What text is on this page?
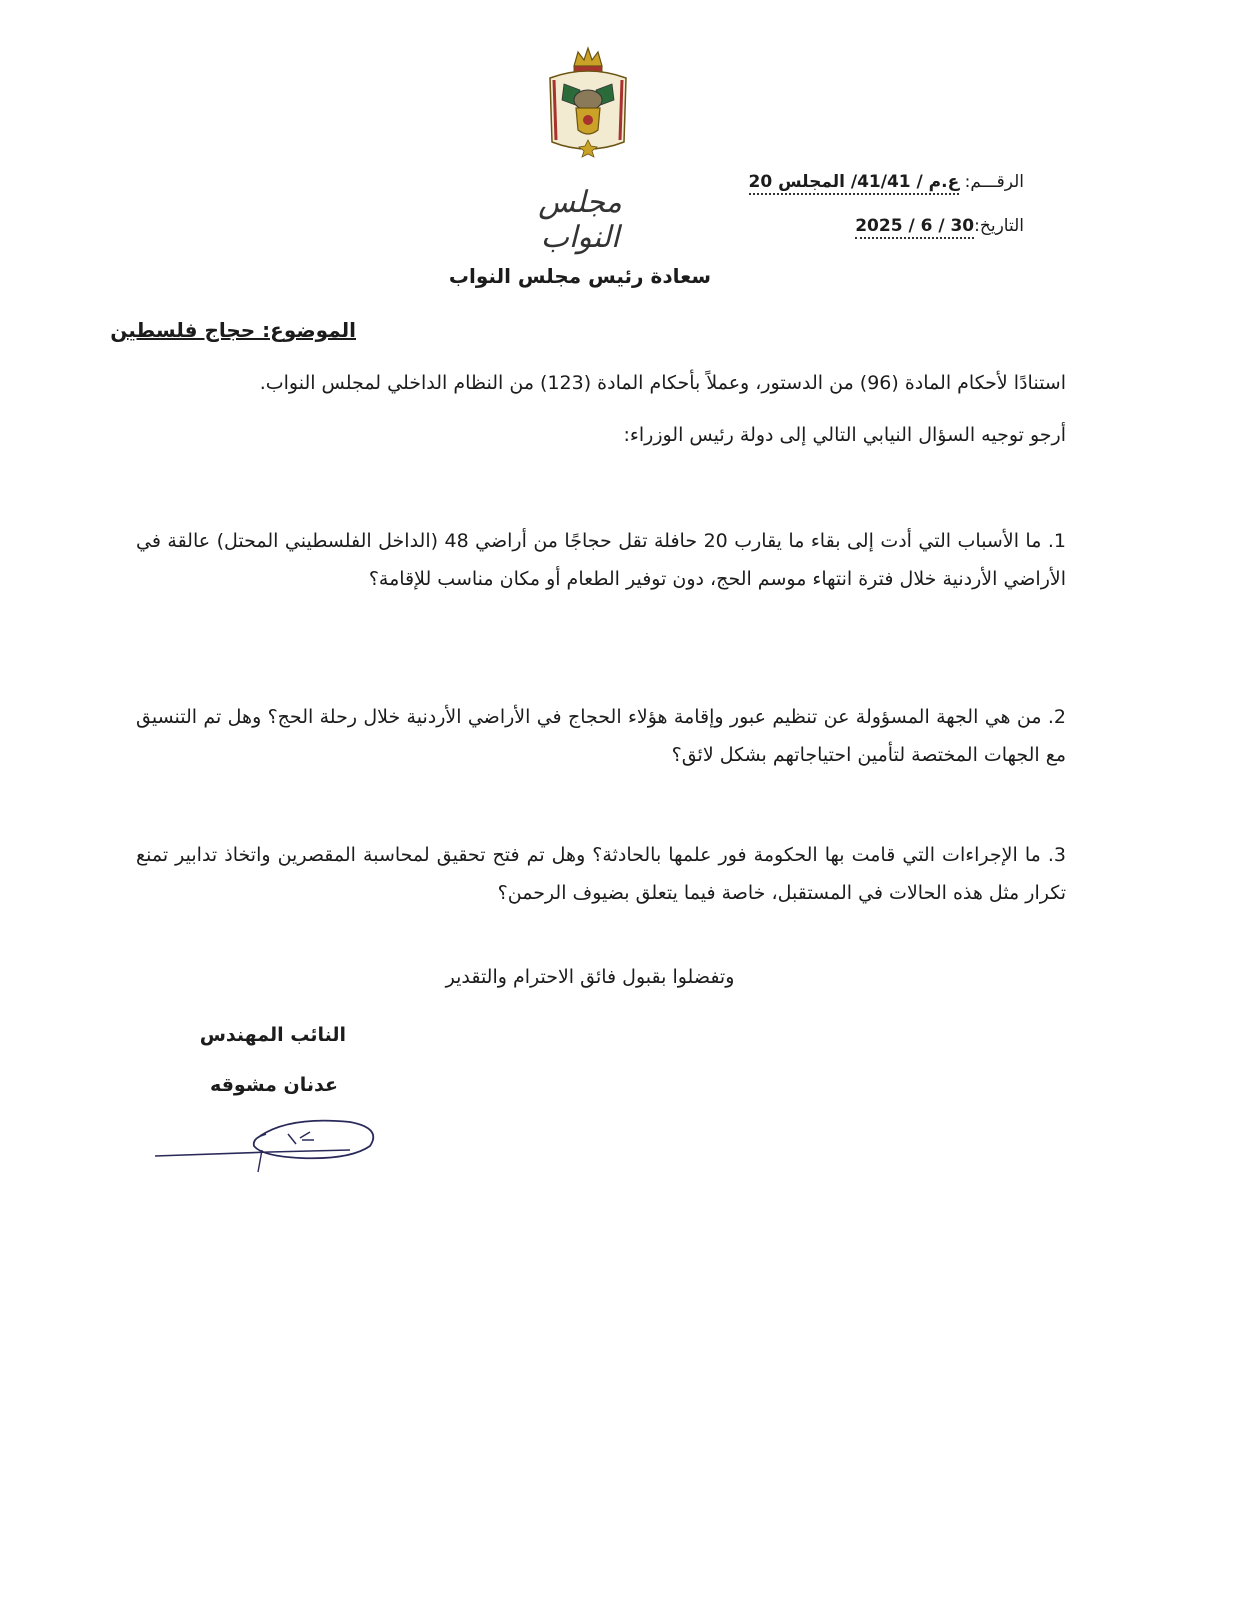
مجلس النواب
الرقـــم: ع.م / 41/41/ المجلس 20
التاريخ:30 / 6 / 2025
سعادة رئيس مجلس النواب
الموضوع: حجاج فلسطين
استنادًا لأحكام المادة (96) من الدستور، وعملاً بأحكام المادة (123) من النظام الداخلي لمجلس النواب.
أرجو توجيه السؤال النيابي التالي إلى دولة رئيس الوزراء:
1. ما الأسباب التي أدت إلى بقاء ما يقارب 20 حافلة تقل حجاجًا من أراضي 48 (الداخل الفلسطيني المحتل) عالقة في الأراضي الأردنية خلال فترة انتهاء موسم الحج، دون توفير الطعام أو مكان مناسب للإقامة؟
2. من هي الجهة المسؤولة عن تنظيم عبور وإقامة هؤلاء الحجاج في الأراضي الأردنية خلال رحلة الحج؟ وهل تم التنسيق مع الجهات المختصة لتأمين احتياجاتهم بشكل لائق؟
3. ما الإجراءات التي قامت بها الحكومة فور علمها بالحادثة؟ وهل تم فتح تحقيق لمحاسبة المقصرين واتخاذ تدابير تمنع تكرار مثل هذه الحالات في المستقبل، خاصة فيما يتعلق بضيوف الرحمن؟
وتفضلوا بقبول فائق الاحترام والتقدير
النائب المهندس
عدنان مشوقه
